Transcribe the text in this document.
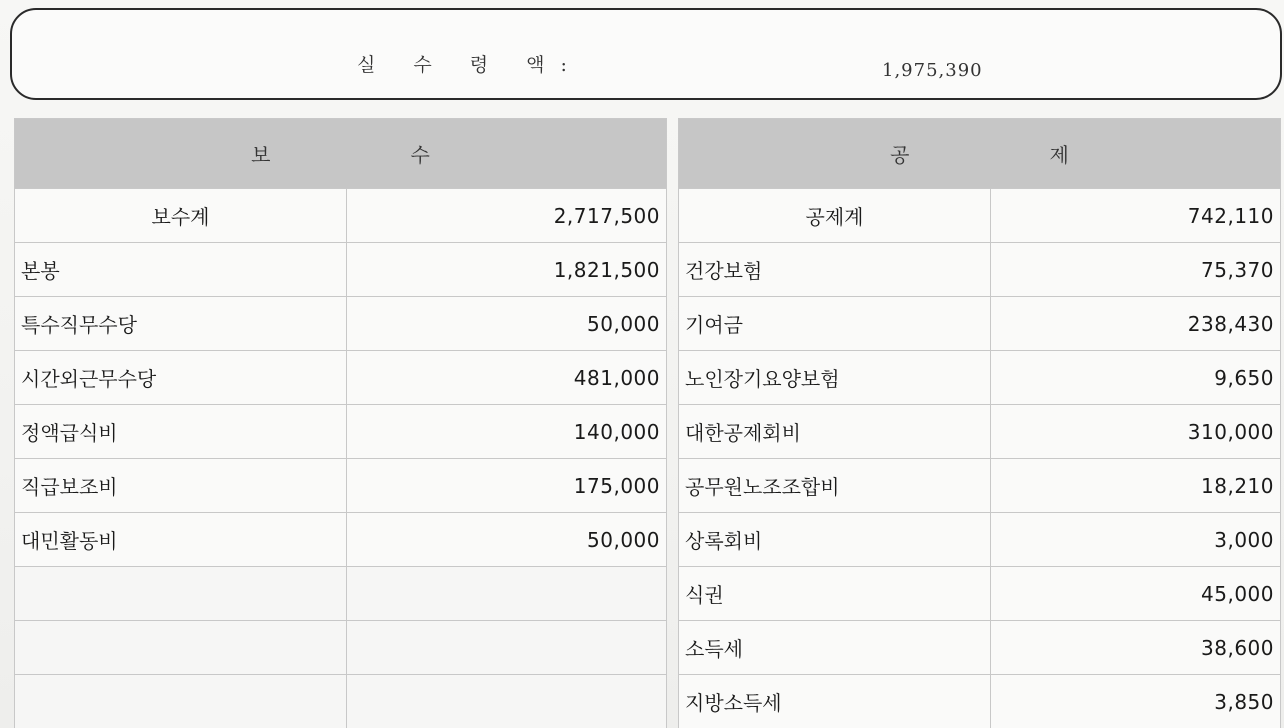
실 수 령 액:	1,975,390
보 수	

보수계	2,717,500
본봉	1,821,500
특수직무수당	50,000
시간외근무수당	481,000
정액급식비	140,000
직급보조비	175,000
대민활동비	50,000

공 제	

공제계	742,110
건강보험	75,370
기여금	238,430
노인장기요양보험	9,650
대한공제회비	310,000
공무원노조조합비	18,210
상록회비	3,000
식권	45,000
소득세	38,600
지방소득세	3,850
